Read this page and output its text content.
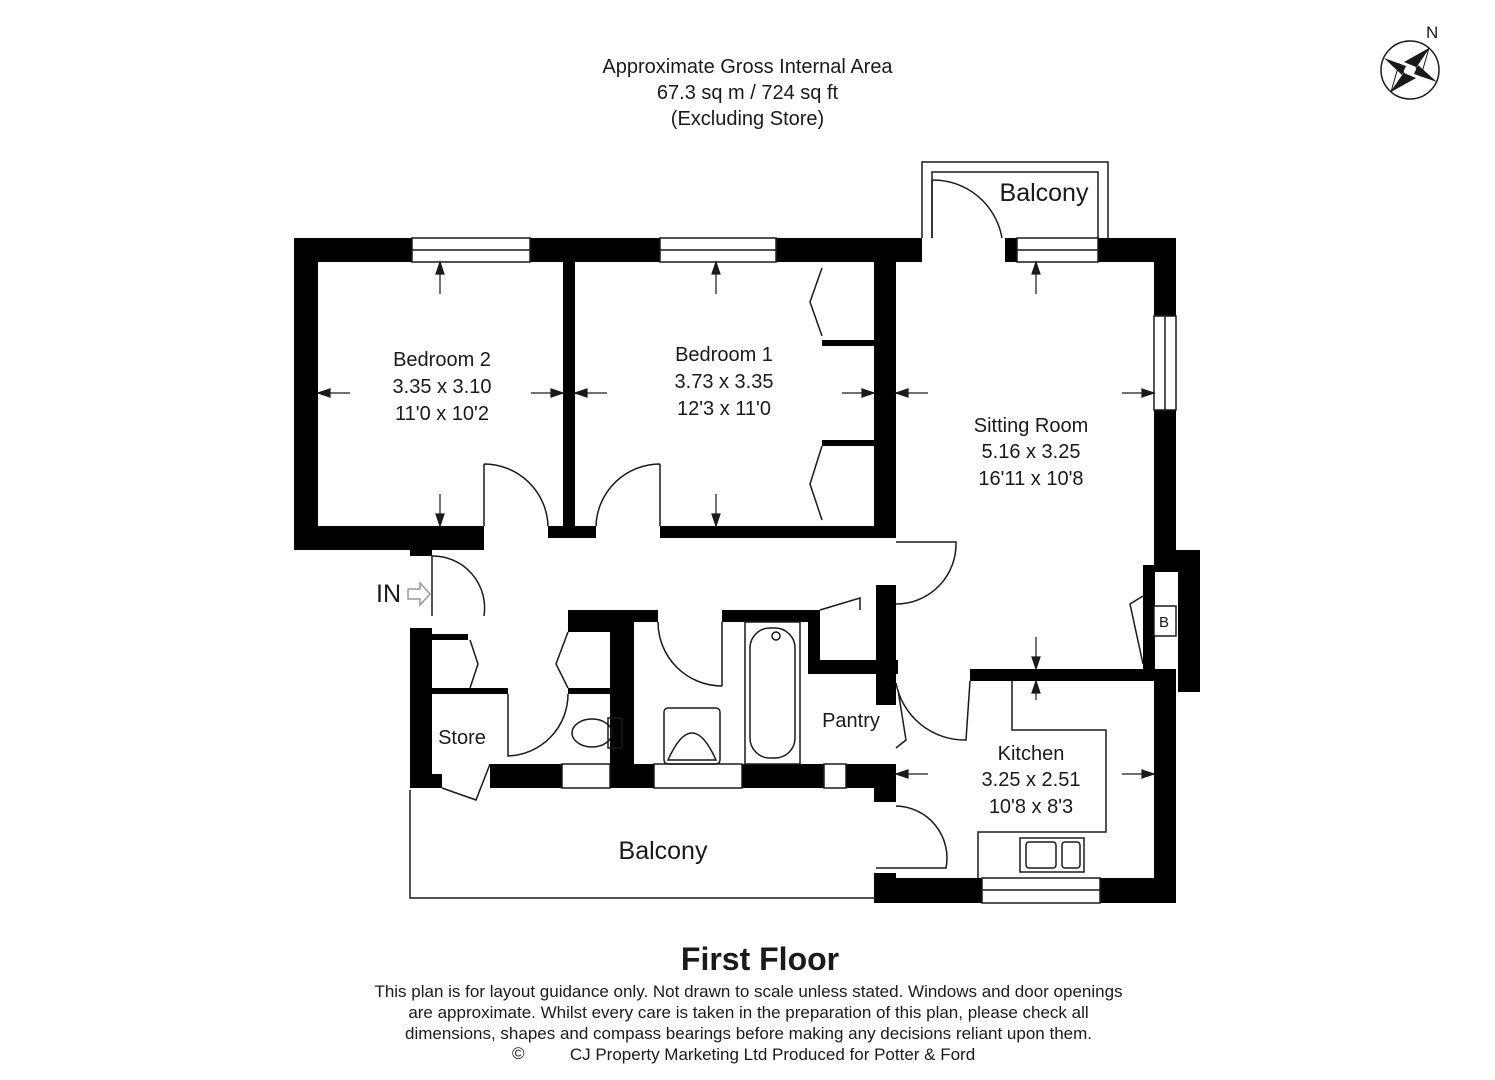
Approximate Gross Internal Area
67.3 sq m / 724 sq ft
(Excluding Store)
N
B
Bedroom 2
3.35 x 3.10
11'0 x 10'2
Bedroom 1
3.73 x 3.35
12'3 x 11'0
Sitting Room
5.16 x 3.25
16'11 x 10'8
Kitchen
3.25 x 2.51
10'8 x 8'3
Balcony
Balcony
Store
Pantry
IN
First Floor
This plan is for layout guidance only. Not drawn to scale unless stated. Windows and door openings
are approximate. Whilst every care is taken in the preparation of this plan, please check all
dimensions, shapes and compass bearings before making any decisions reliant upon them.
©	CJ Property Marketing Ltd Produced for Potter & Ford
